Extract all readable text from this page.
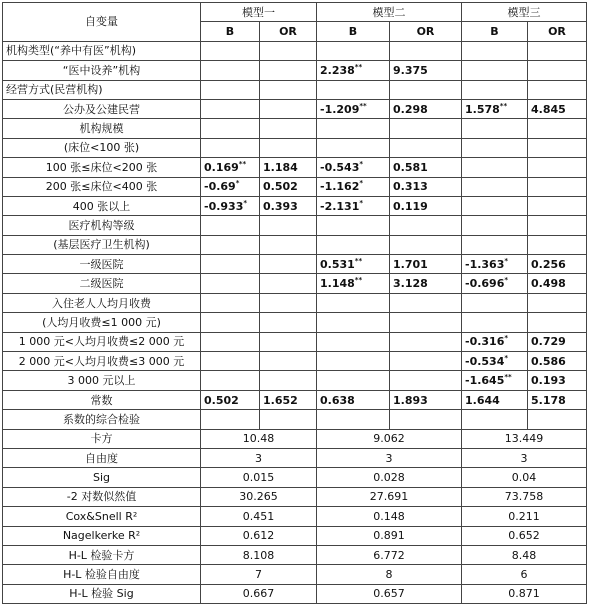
自变量	模型一		模型二		模型三	
	B	OR	B	OR	B	OR
机构类型(“养中有医”机构)						
“医中设养”机构			2.238**	9.375		
经营方式(民营机构)						
公办及公建民营			-1.209**	0.298	1.578**	4.845
机构规模						
(床位<100 张)						
100 张≤床位<200 张	0.169**	1.184	-0.543*	0.581		
200 张≤床位<400 张	-0.69*	0.502	-1.162*	0.313		
400 张以上	-0.933*	0.393	-2.131*	0.119		
医疗机构等级						
(基层医疗卫生机构)						
一级医院			0.531**	1.701	-1.363*	0.256
二级医院			1.148**	3.128	-0.696*	0.498
入住老人人均月收费						
(人均月收费≤1 000 元)						
1 000 元<人均月收费≤2 000 元					-0.316*	0.729
2 000 元<人均月收费≤3 000 元					-0.534*	0.586
3 000 元以上					-1.645**	0.193
常数	0.502	1.652	0.638	1.893	1.644	5.178
系数的综合检验						
卡方	10.48		9.062		13.449	
自由度	3		3		3	
Sig	0.015		0.028		0.04	
-2 对数似然值	30.265		27.691		73.758	
Cox&Snell R²	0.451		0.148		0.211	
Nagelkerke R²	0.612		0.891		0.652	
H-L 检验卡方	8.108		6.772		8.48	
H-L 检验自由度	7		8		6	
H-L 检验 Sig	0.667		0.657		0.871	
